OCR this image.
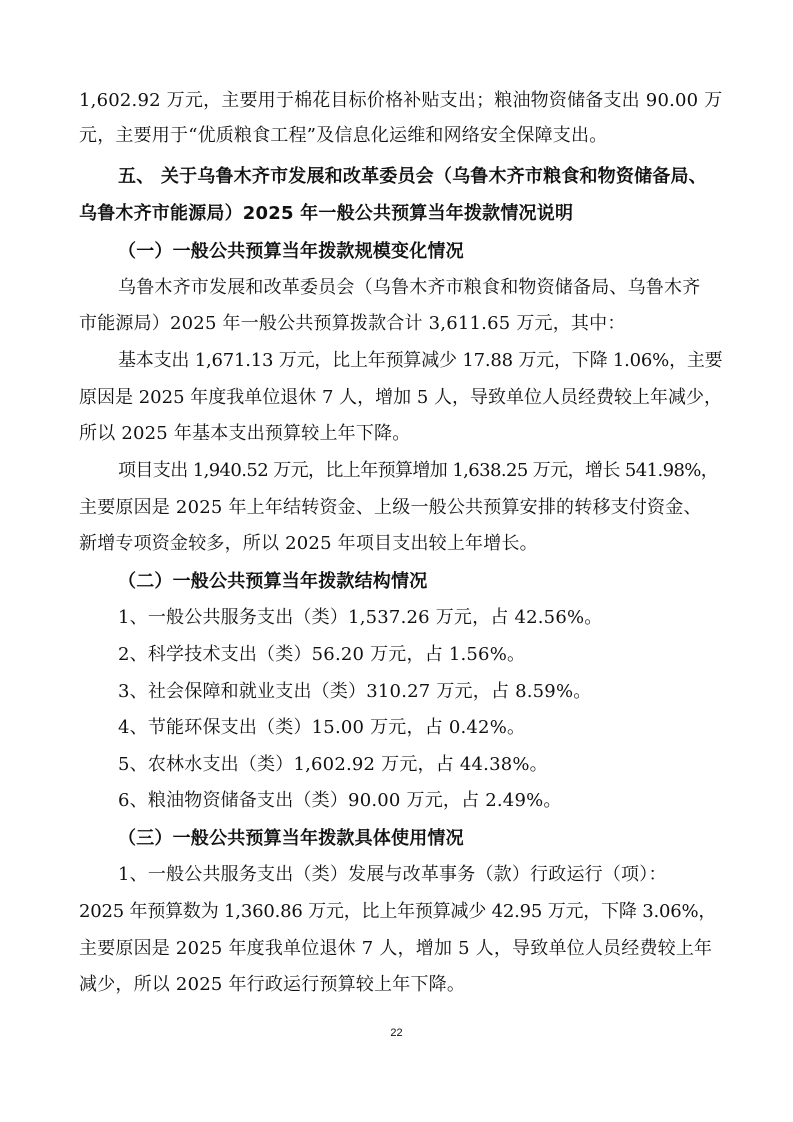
1,602.92 万元，主要用于棉花目标价格补贴支出；粮油物资储备支出 90.00 万
元，主要用于“优质粮食工程”及信息化运维和网络安全保障支出。
五、 关于乌鲁木齐市发展和改革委员会（乌鲁木齐市粮食和物资储备局、
乌鲁木齐市能源局）2025 年一般公共预算当年拨款情况说明
（一）一般公共预算当年拨款规模变化情况
乌鲁木齐市发展和改革委员会（乌鲁木齐市粮食和物资储备局、乌鲁木齐
市能源局）2025 年一般公共预算拨款合计 3,611.65 万元，其中：
基本支出 1,671.13 万元，比上年预算减少 17.88 万元，下降 1.06%，主要
原因是 2025 年度我单位退休 7 人，增加 5 人，导致单位人员经费较上年减少，
所以 2025 年基本支出预算较上年下降。
项目支出 1,940.52 万元，比上年预算增加 1,638.25 万元，增长 541.98%，
主要原因是 2025 年上年结转资金、上级一般公共预算安排的转移支付资金、
新增专项资金较多，所以 2025 年项目支出较上年增长。
（二）一般公共预算当年拨款结构情况
1、一般公共服务支出（类）1,537.26 万元，占 42.56%。
2、科学技术支出（类）56.20 万元，占 1.56%。
3、社会保障和就业支出（类）310.27 万元，占 8.59%。
4、节能环保支出（类）15.00 万元，占 0.42%。
5、农林水支出（类）1,602.92 万元，占 44.38%。
6、粮油物资储备支出（类）90.00 万元，占 2.49%。
（三）一般公共预算当年拨款具体使用情况
1、一般公共服务支出（类）发展与改革事务（款）行政运行（项）：
2025 年预算数为 1,360.86 万元，比上年预算减少 42.95 万元，下降 3.06%，
主要原因是 2025 年度我单位退休 7 人，增加 5 人，导致单位人员经费较上年
减少，所以 2025 年行政运行预算较上年下降。
22
